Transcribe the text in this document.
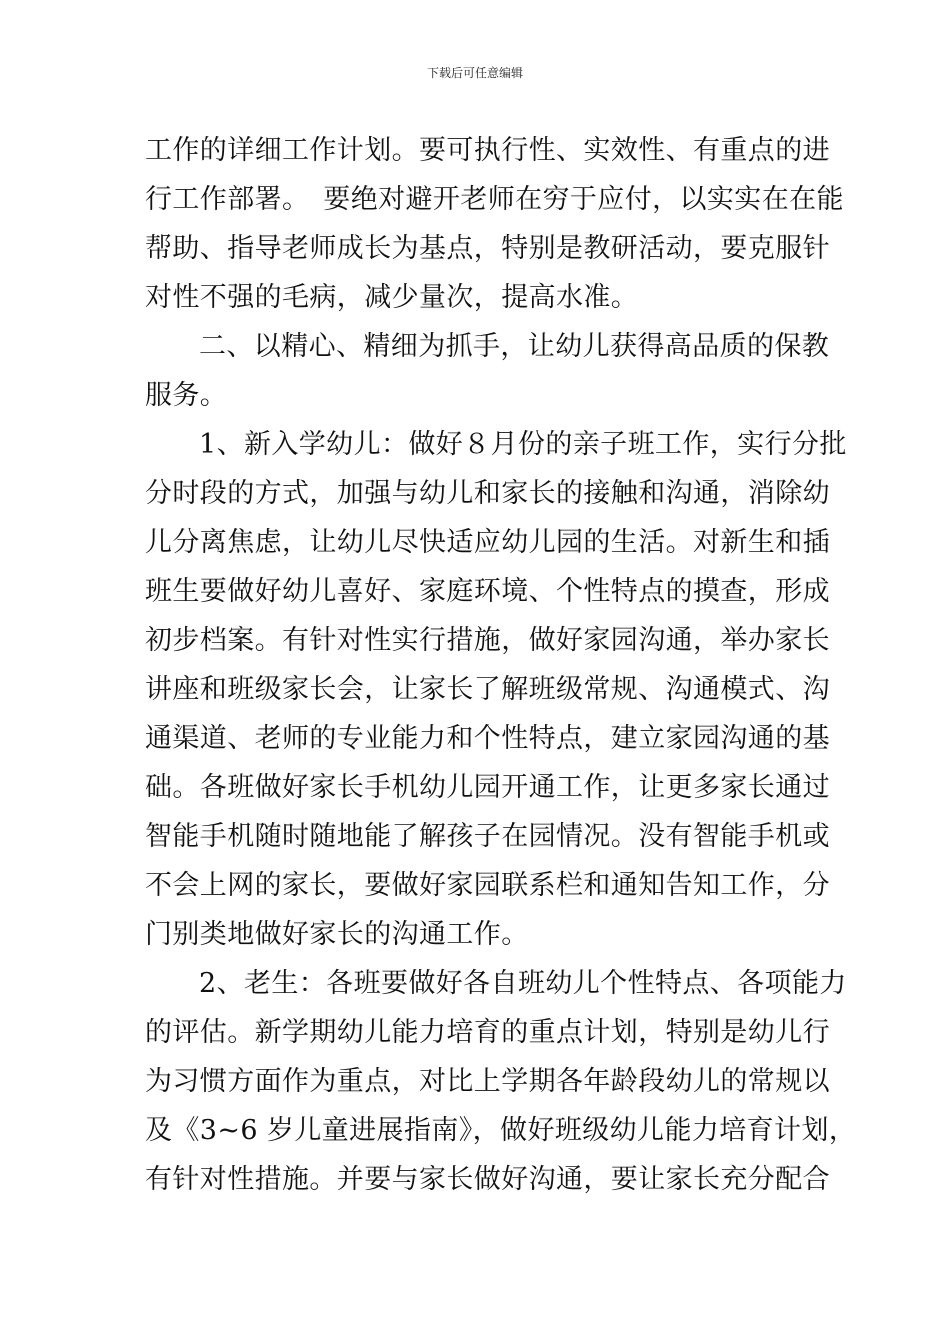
下载后可任意编辑
工作的详细工作计划。要可执行性、实效性、有重点的进
行工作部署。　要绝对避开老师在穷于应付，以实实在在能
帮助、指导老师成长为基点，特别是教研活动，要克服针
对性不强的毛病，减少量次，提高水准。
二、以精心、精细为抓手，让幼儿获得高品质的保教
服务。
1、新入学幼儿：做好８月份的亲子班工作，实行分批
分时段的方式，加强与幼儿和家长的接触和沟通，消除幼
儿分离焦虑，让幼儿尽快适应幼儿园的生活。对新生和插
班生要做好幼儿喜好、家庭环境、个性特点的摸查，形成
初步档案。有针对性实行措施，做好家园沟通，举办家长
讲座和班级家长会，让家长了解班级常规、沟通模式、沟
通渠道、老师的专业能力和个性特点，建立家园沟通的基
础。各班做好家长手机幼儿园开通工作，让更多家长通过
智能手机随时随地能了解孩子在园情况。没有智能手机或
不会上网的家长，要做好家园联系栏和通知告知工作，分
门别类地做好家长的沟通工作。
2、老生：各班要做好各自班幼儿个性特点、各项能力
的评估。新学期幼儿能力培育的重点计划，特别是幼儿行
为习惯方面作为重点，对比上学期各年龄段幼儿的常规以
及《3~6 岁儿童进展指南》，做好班级幼儿能力培育计划，
有针对性措施。并要与家长做好沟通，要让家长充分配合
